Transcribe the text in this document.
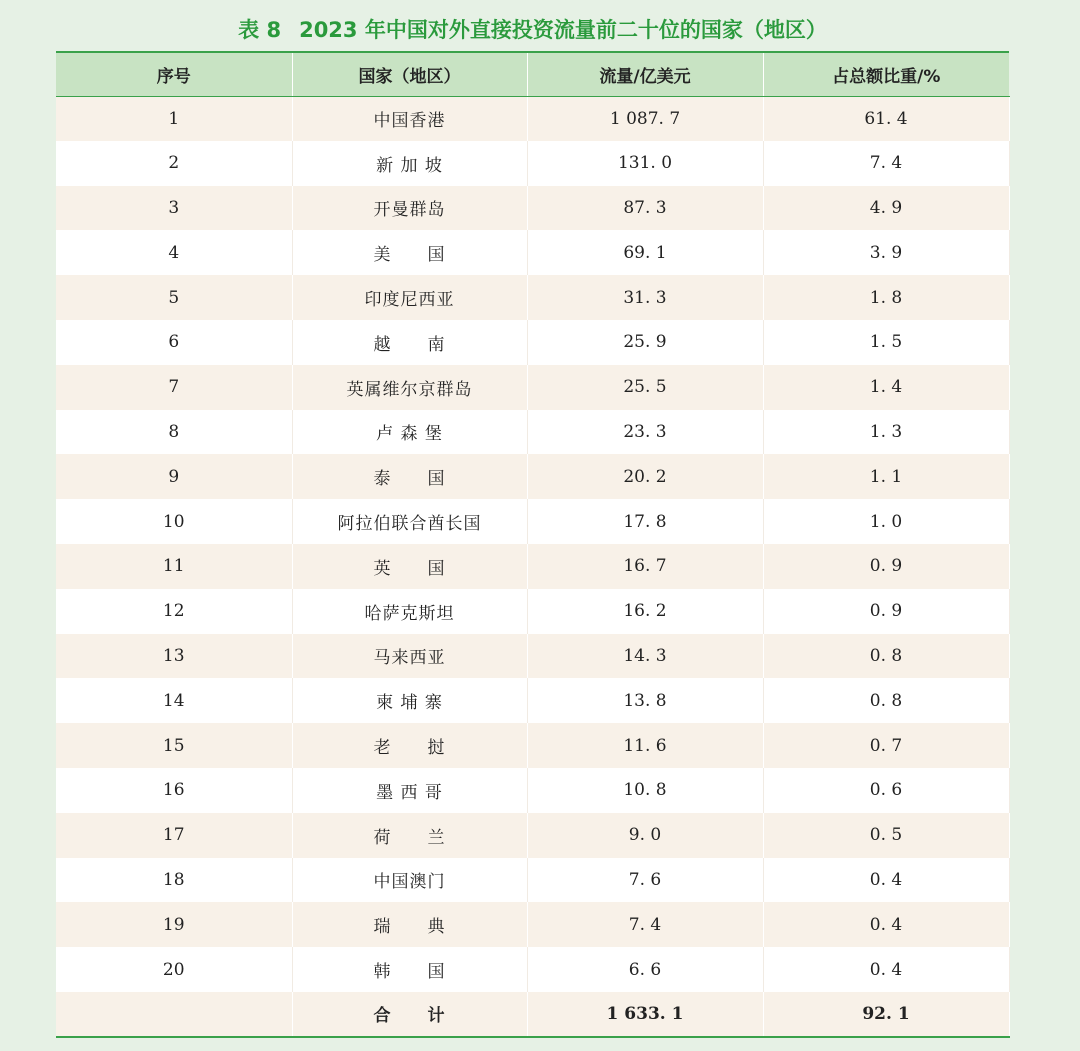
表 8 2023 年中国对外直接投资流量前二十位的国家（地区）
序号	国家（地区）	流量/亿美元	占总额比重/%
1	中国香港	1 087. 7	61. 4
2	新 加 坡	131. 0	7. 4
3	开曼群岛	87. 3	4. 9
4	美　　国	69. 1	3. 9
5	印度尼西亚	31. 3	1. 8
6	越　　南	25. 9	1. 5
7	英属维尔京群岛	25. 5	1. 4
8	卢 森 堡	23. 3	1. 3
9	泰　　国	20. 2	1. 1
10	阿拉伯联合酋长国	17. 8	1. 0
11	英　　国	16. 7	0. 9
12	哈萨克斯坦	16. 2	0. 9
13	马来西亚	14. 3	0. 8
14	柬 埔 寨	13. 8	0. 8
15	老　　挝	11. 6	0. 7
16	墨 西 哥	10. 8	0. 6
17	荷　　兰	9. 0	0. 5
18	中国澳门	7. 6	0. 4
19	瑞　　典	7. 4	0. 4
20	韩　　国	6. 6	0. 4
	合　　计	1 633. 1	92. 1
